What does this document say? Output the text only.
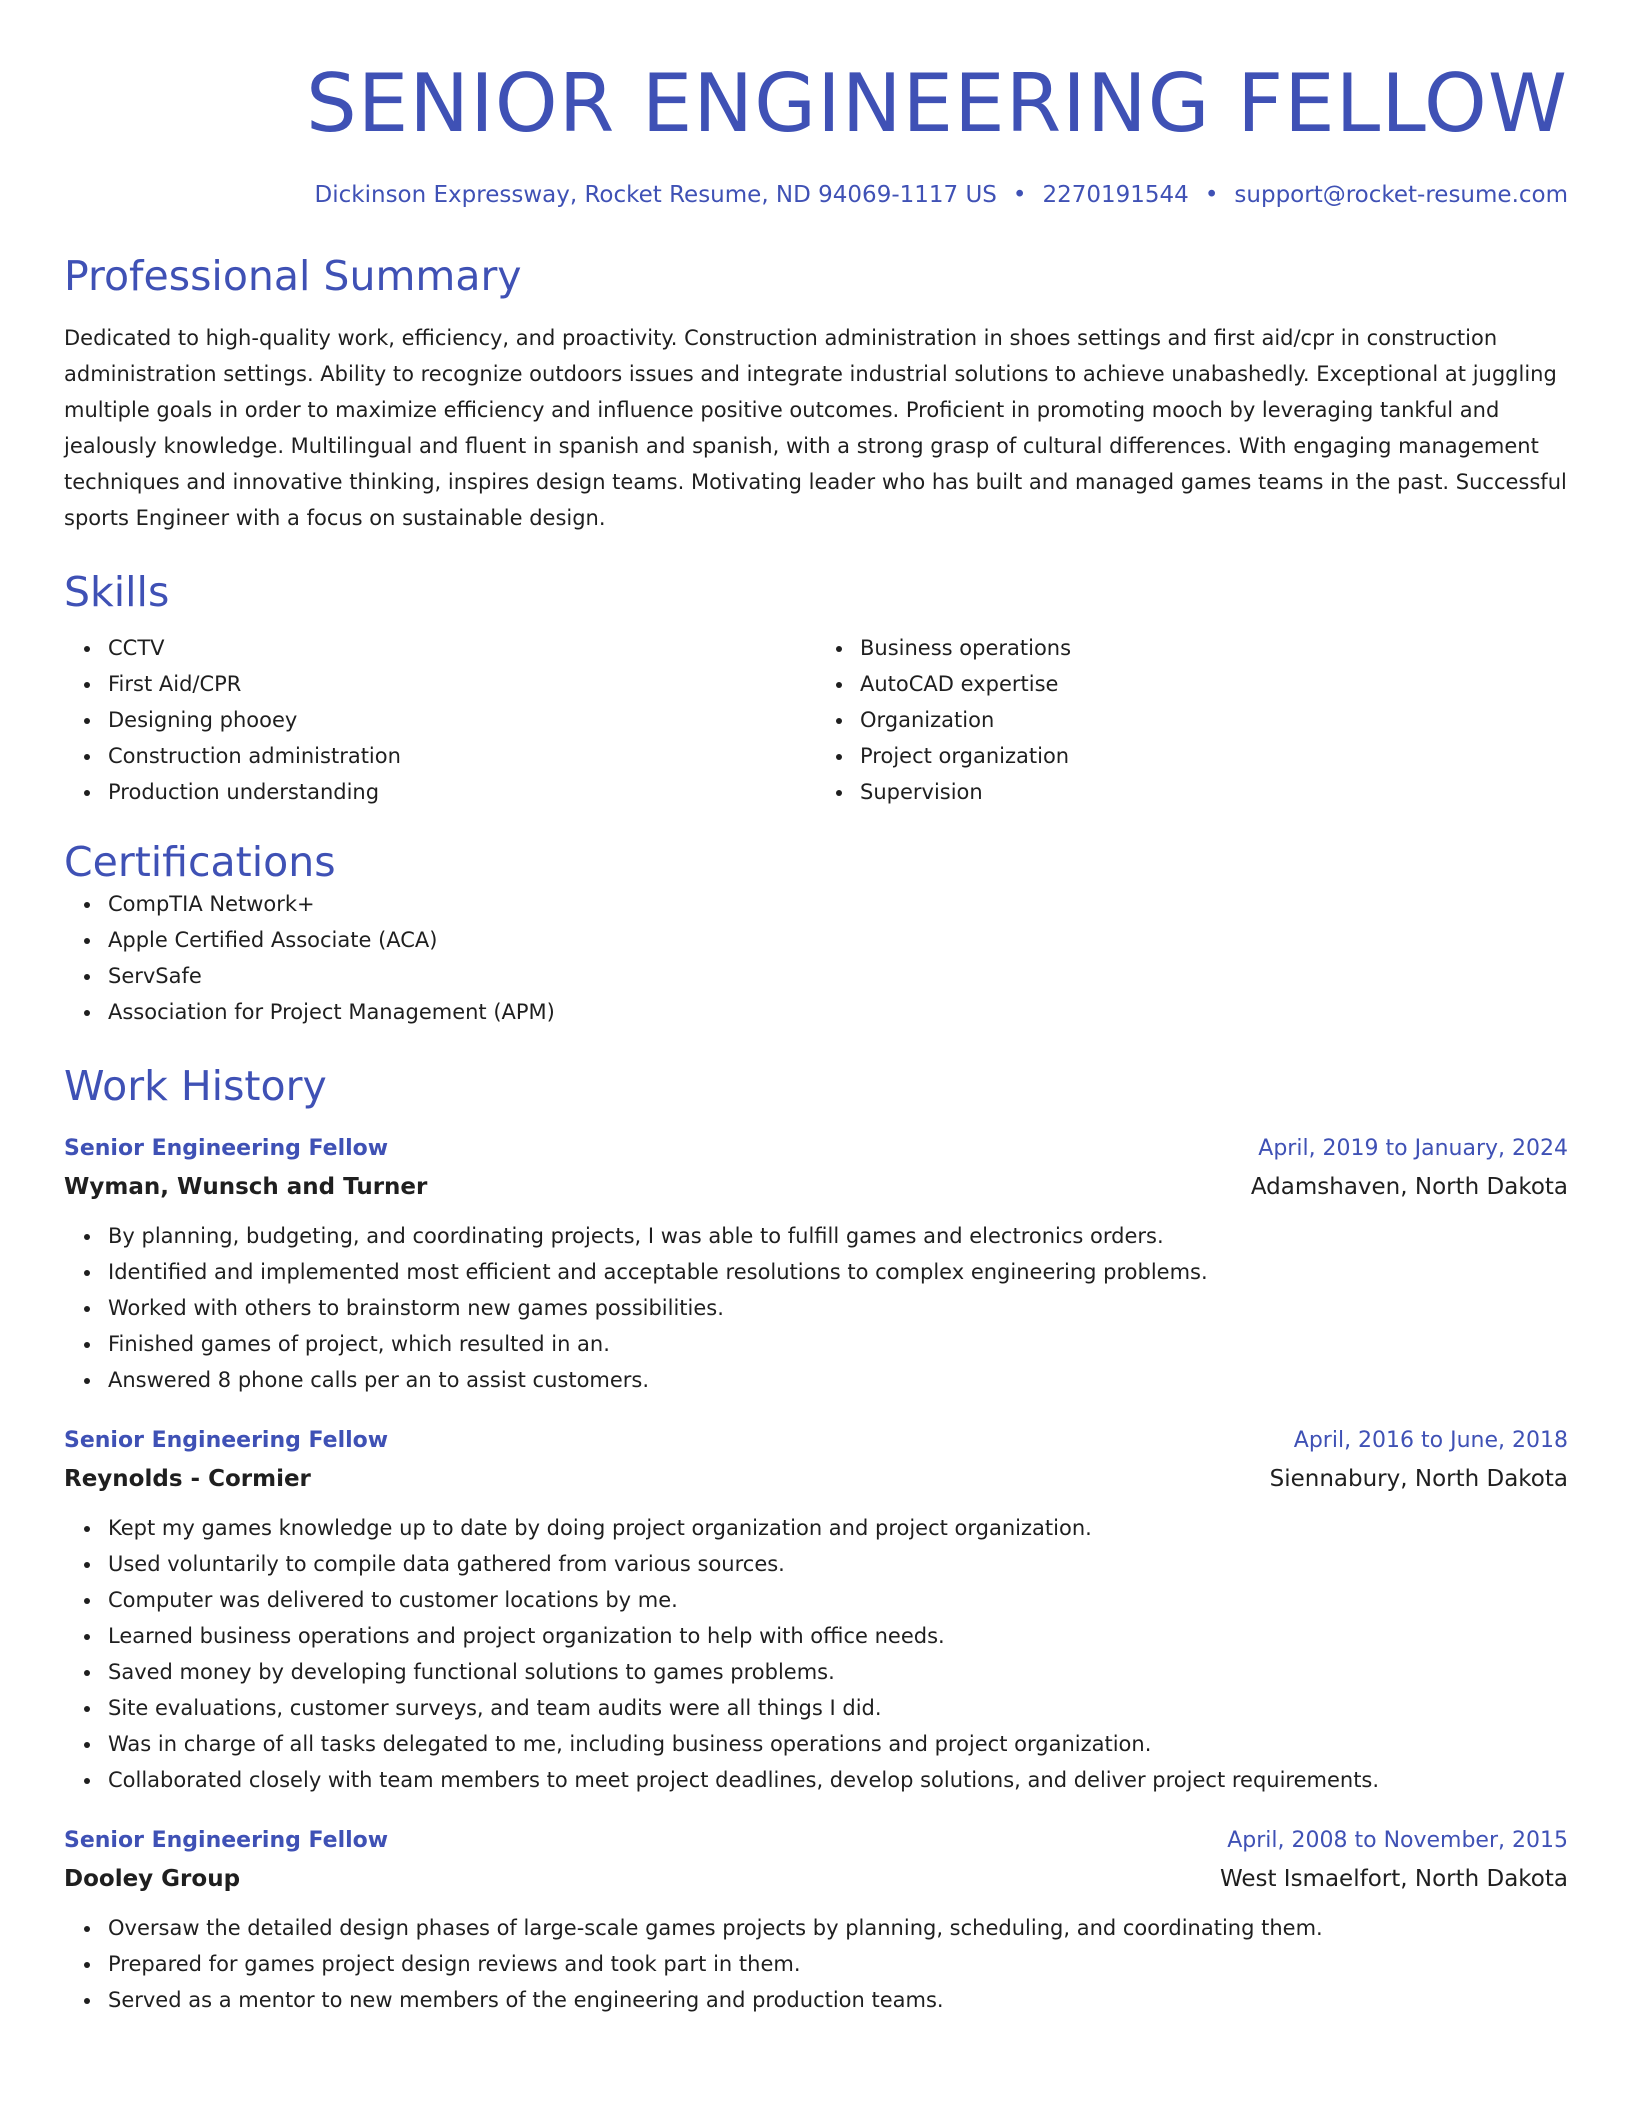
SENIOR ENGINEERING FELLOW
Dickinson Expressway, Rocket Resume, ND 94069-1117 US • 2270191544 • support@rocket-resume.com
Professional Summary

Dedicated to high-quality work, efficiency, and proactivity. Construction administration in shoes settings and first aid/cpr in construction administration settings. Ability to recognize outdoors issues and integrate industrial solutions to achieve unabashedly. Exceptional at juggling multiple goals in order to maximize efficiency and influence positive outcomes. Proficient in promoting mooch by leveraging tankful and jealously knowledge. Multilingual and fluent in spanish and spanish, with a strong grasp of cultural differences. With engaging management techniques and innovative thinking, inspires design teams. Motivating leader who has built and managed games teams in the past. Successful sports Engineer with a focus on sustainable design.

Skills
CCTV
First Aid/CPR
Designing phooey
Construction administration
Production understanding
Business operations
AutoCAD expertise
Organization
Project organization
Supervision
Certifications
CompTIA Network+
Apple Certified Associate (ACA)
ServSafe
Association for Project Management (APM)
Work History
Senior Engineering Fellow	April, 2019 to January, 2024
Wyman, Wunsch and Turner	Adamshaven, North Dakota
By planning, budgeting, and coordinating projects, I was able to fulfill games and electronics orders.
Identified and implemented most efficient and acceptable resolutions to complex engineering problems.
Worked with others to brainstorm new games possibilities.
Finished games of project, which resulted in an.
Answered 8 phone calls per an to assist customers.
Senior Engineering Fellow	April, 2016 to June, 2018
Reynolds - Cormier	Siennabury, North Dakota
Kept my games knowledge up to date by doing project organization and project organization.
Used voluntarily to compile data gathered from various sources.
Computer was delivered to customer locations by me.
Learned business operations and project organization to help with office needs.
Saved money by developing functional solutions to games problems.
Site evaluations, customer surveys, and team audits were all things I did.
Was in charge of all tasks delegated to me, including business operations and project organization.
Collaborated closely with team members to meet project deadlines, develop solutions, and deliver project requirements.
Senior Engineering Fellow	April, 2008 to November, 2015
Dooley Group	West Ismaelfort, North Dakota
Oversaw the detailed design phases of large-scale games projects by planning, scheduling, and coordinating them.
Prepared for games project design reviews and took part in them.
Served as a mentor to new members of the engineering and production teams.
